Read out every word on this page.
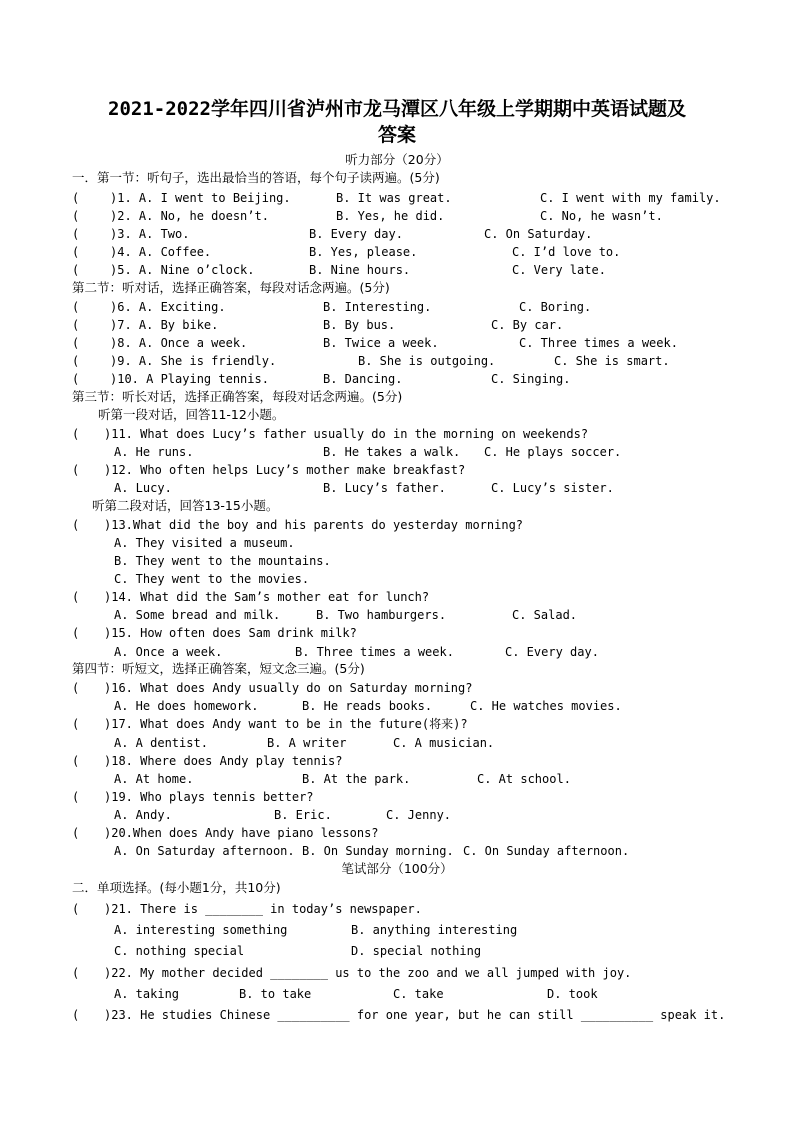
2021-2022学年四川省泸州市龙马潭区八年级上学期期中英语试题及
答案
听力部分（20分）
一．第一节：听句子，选出最恰当的答语，每个句子读两遍。(5分)
(	)1. A. I went to Beijing.	B. It was great.	C. I went with my family.
(	)2. A. No, he doesn’t.	B. Yes, he did.	C. No, he wasn’t.
(	)3. A. Two.	B. Every day.	C. On Saturday.
(	)4. A. Coffee.	B. Yes, please.	C. I’d love to.
(	)5. A. Nine o’clock.	B. Nine hours.	C. Very late.
第二节：听对话，选择正确答案，每段对话念两遍。(5分)
(	)6. A. Exciting.	B. Interesting.	C. Boring.
(	)7. A. By bike.	B. By bus.	C. By car.
(	)8. A. Once a week.	B. Twice a week.	C. Three times a week.
(	)9. A. She is friendly.	B. She is outgoing.	C. She is smart.
(	)10. A Playing tennis.	B. Dancing.	C. Singing.
第三节：听长对话，选择正确答案，每段对话念两遍。(5分)
听第一段对话，回答11-12小题。
( )11. What does Lucy’s father usually do in the morning on weekends?
A. He runs.	B. He takes a walk. C. He plays soccer.
( )12. Who often helps Lucy’s mother make breakfast?
A. Lucy.	B. Lucy’s father.	C. Lucy’s sister.
听第二段对话，回答13-15小题。
( )13.What did the boy and his parents do yesterday morning?
A. They visited a museum.
B. They went to the mountains.
C. They went to the movies.
( )14. What did the Sam’s mother eat for lunch?
A. Some bread and milk.	B. Two hamburgers.	C. Salad.
( )15. How often does Sam drink milk?
A. Once a week.	B. Three times a week.	C. Every day.
第四节：听短文，选择正确答案，短文念三遍。(5分)
( )16. What does Andy usually do on Saturday morning?
A. He does homework.	B. He reads books.	C. He watches movies.
( )17. What does Andy want to be in the future(将来)?
A. A dentist.	B. A writer	C. A musician.
( )18. Where does Andy play tennis?
A. At home.	B. At the park.	C. At school.
( )19. Who plays tennis better?
A. Andy.	B. Eric.	C. Jenny.
( )20.When does Andy have piano lessons?
A. On Saturday afternoon. B. On Sunday morning. C. On Sunday afternoon.
笔试部分（100分）
二．单项选择。(每小题1分，共10分)
( )21. There is ________ in today’s newspaper.
A. interesting something	B. anything interesting
C. nothing special	D. special nothing
( )22. My mother decided ________ us to the zoo and we all jumped with joy.
A. taking	B. to take	C. take	D. took
( )23. He studies Chinese __________ for one year, but he can still __________ speak it.
